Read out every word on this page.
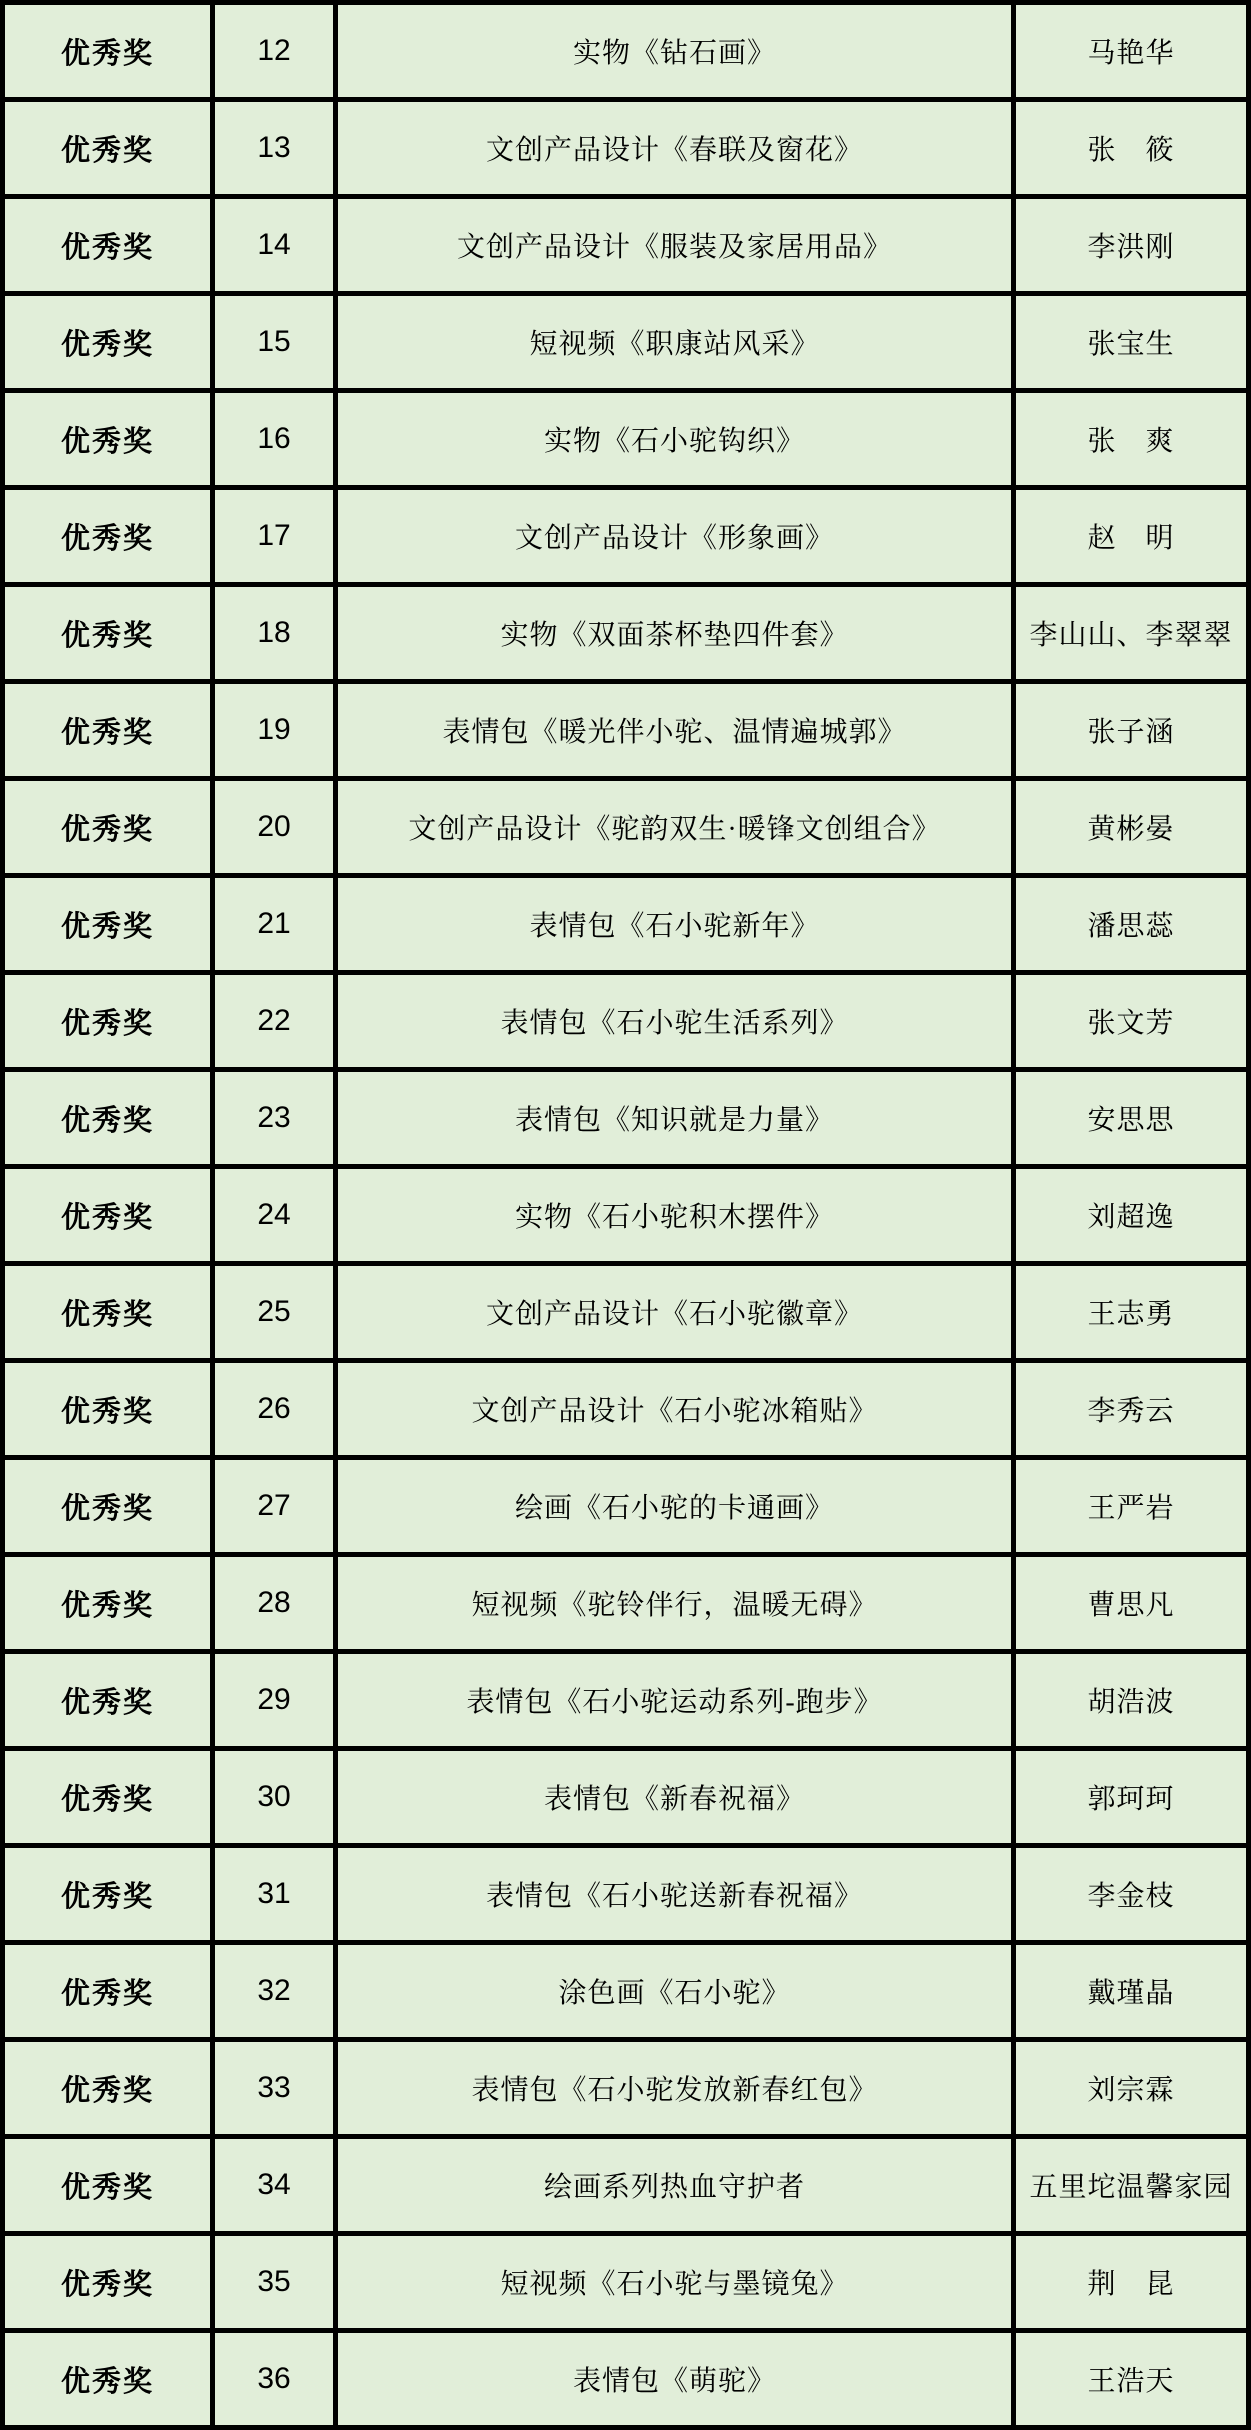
优秀奖	12	实物《钻石画》	马艳华
优秀奖	13	文创产品设计《春联及窗花》	张　筱
优秀奖	14	文创产品设计《服装及家居用品》	李洪刚
优秀奖	15	短视频《职康站风采》	张宝生
优秀奖	16	实物《石小驼钩织》	张　爽
优秀奖	17	文创产品设计《形象画》	赵　明
优秀奖	18	实物《双面茶杯垫四件套》	李山山、李翠翠
优秀奖	19	表情包《暖光伴小驼、温情遍城郭》	张子涵
优秀奖	20	文创产品设计《驼韵双生·暖锋文创组合》	黄彬晏
优秀奖	21	表情包《石小驼新年》	潘思蕊
优秀奖	22	表情包《石小驼生活系列》	张文芳
优秀奖	23	表情包《知识就是力量》	安思思
优秀奖	24	实物《石小驼积木摆件》	刘超逸
优秀奖	25	文创产品设计《石小驼徽章》	王志勇
优秀奖	26	文创产品设计《石小驼冰箱贴》	李秀云
优秀奖	27	绘画《石小驼的卡通画》	王严岩
优秀奖	28	短视频《驼铃伴行，温暖无碍》	曹思凡
优秀奖	29	表情包《石小驼运动系列-跑步》	胡浩波
优秀奖	30	表情包《新春祝福》	郭珂珂
优秀奖	31	表情包《石小驼送新春祝福》	李金枝
优秀奖	32	涂色画《石小驼》	戴瑾晶
优秀奖	33	表情包《石小驼发放新春红包》	刘宗霖
优秀奖	34	绘画系列热血守护者	五里坨温馨家园
优秀奖	35	短视频《石小驼与墨镜兔》	荆　昆
优秀奖	36	表情包《萌驼》	王浩天
